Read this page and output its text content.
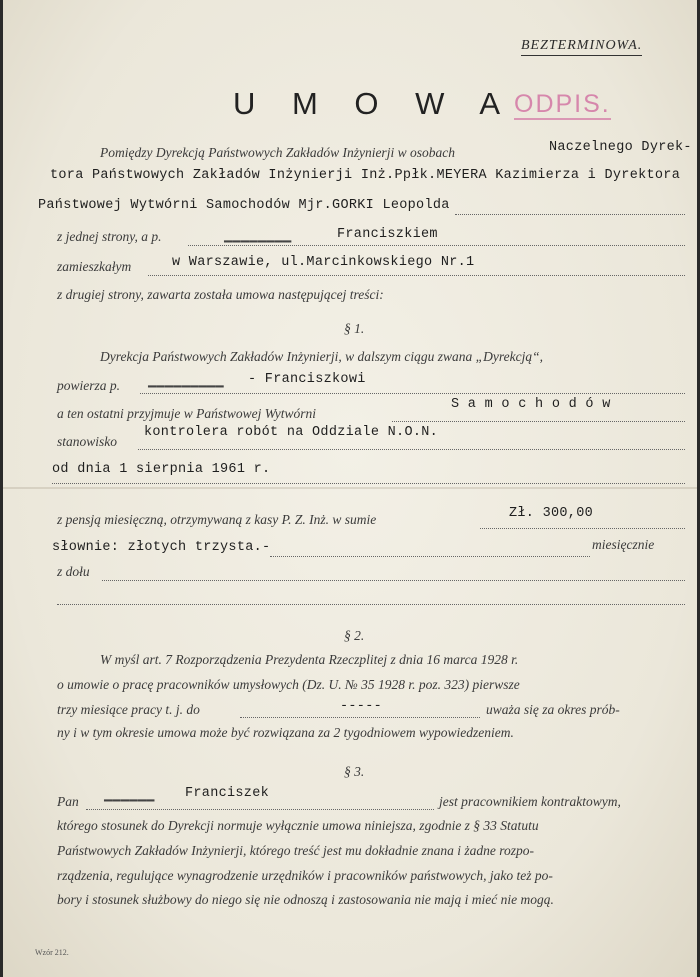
BEZTERMINOWA.
U M O W A ODPIS.
Pomiędzy Dyrekcją Państwowych Zakładów Inżynierji w osobach	Naczelnego Dyrek-
tora Państwowych Zakładów Inżynierji Inż.Ppłk.MEYERA Kazimierza i Dyrektora
Państwowej Wytwórni Samochodów Mjr.GORKI Leopolda
z jednej strony, a p.	▁▁▁▁▁▁▁▁	Franciszkiem
zamieszkałym	w Warszawie, ul.Marcinkowskiego Nr.1
z drugiej strony, zawarta została umowa następującej treści:
§ 1.
Dyrekcja Państwowych Zakładów Inżynierji, w dalszym ciągu zwana „Dyrekcją“,
powierza p. ▁▁▁▁▁▁▁▁▁ - Franciszkowi
a ten ostatni przyjmuje w Państwowej Wytwórni
S a m o c h o d ó w
stanowisko
kontrolera robót na Oddziale N.O.N.
od dnia 1 sierpnia 1961 r.
z pensją miesięczną, otrzymywaną z kasy P. Z. Inż. w sumie	Zł. 300,00
słownie: złotych trzysta.-	miesięcznie
z dołu
§ 2.
W myśl art. 7 Rozporządzenia Prezydenta Rzeczplitej z dnia 16 marca 1928 r.
o umowie o pracę pracowników umysłowych (Dz. U. № 35 1928 r. poz. 323) pierwsze
trzy miesiące pracy t. j. do	-----	uważa się za okres prób-
ny i w tym okresie umowa może być rozwiązana za 2 tygodniowem wypowiedzeniem.
§ 3.
Pan ▁▁▁▁▁▁ Franciszek
jest pracownikiem kontraktowym,
którego stosunek do Dyrekcji normuje wyłącznie umowa niniejsza, zgodnie z § 33 Statutu
Państwowych Zakładów Inżynierji, którego treść jest mu dokładnie znana i żadne rozpo-
rządzenia, regulujące wynagrodzenie urzędników i pracowników państwowych, jako też po-
bory i stosunek służbowy do niego się nie odnoszą i zastosowania nie mają i mieć nie mogą.
Wzór 212.
